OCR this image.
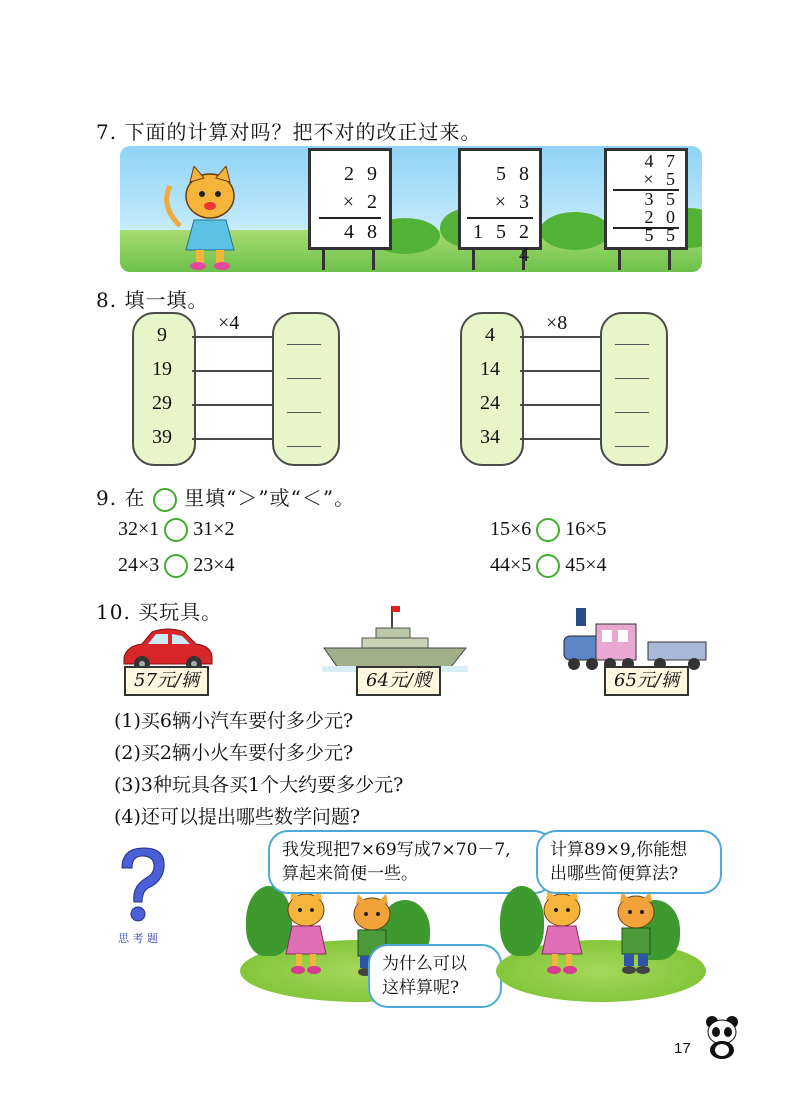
7. 下面的计算对吗？把不对的改正过来。
2 9
× 2
4 8
5 8
× 3
1 5 2 4
4 7
× 5
3 5
2 0
5 5
8. 填一填。
×4
9
19
29
39
×8
4
14
24
34
9. 在 里填“＞”或“＜”。
32×1 31×2	15×6 16×5
24×3 23×4	44×5 45×4
10. 买玩具。
57元/辆	64元/艘	65元/辆
(1)买6辆小汽车要付多少元?
(2)买2辆小火车要付多少元?
(3)3种玩具各买1个大约要多少元?
(4)还可以提出哪些数学问题?
思 考 题
我发现把7×69写成7×70－7,
算起来简便一些。
为什么可以
这样算呢?
计算89×9,你能想
出哪些简便算法?
17
